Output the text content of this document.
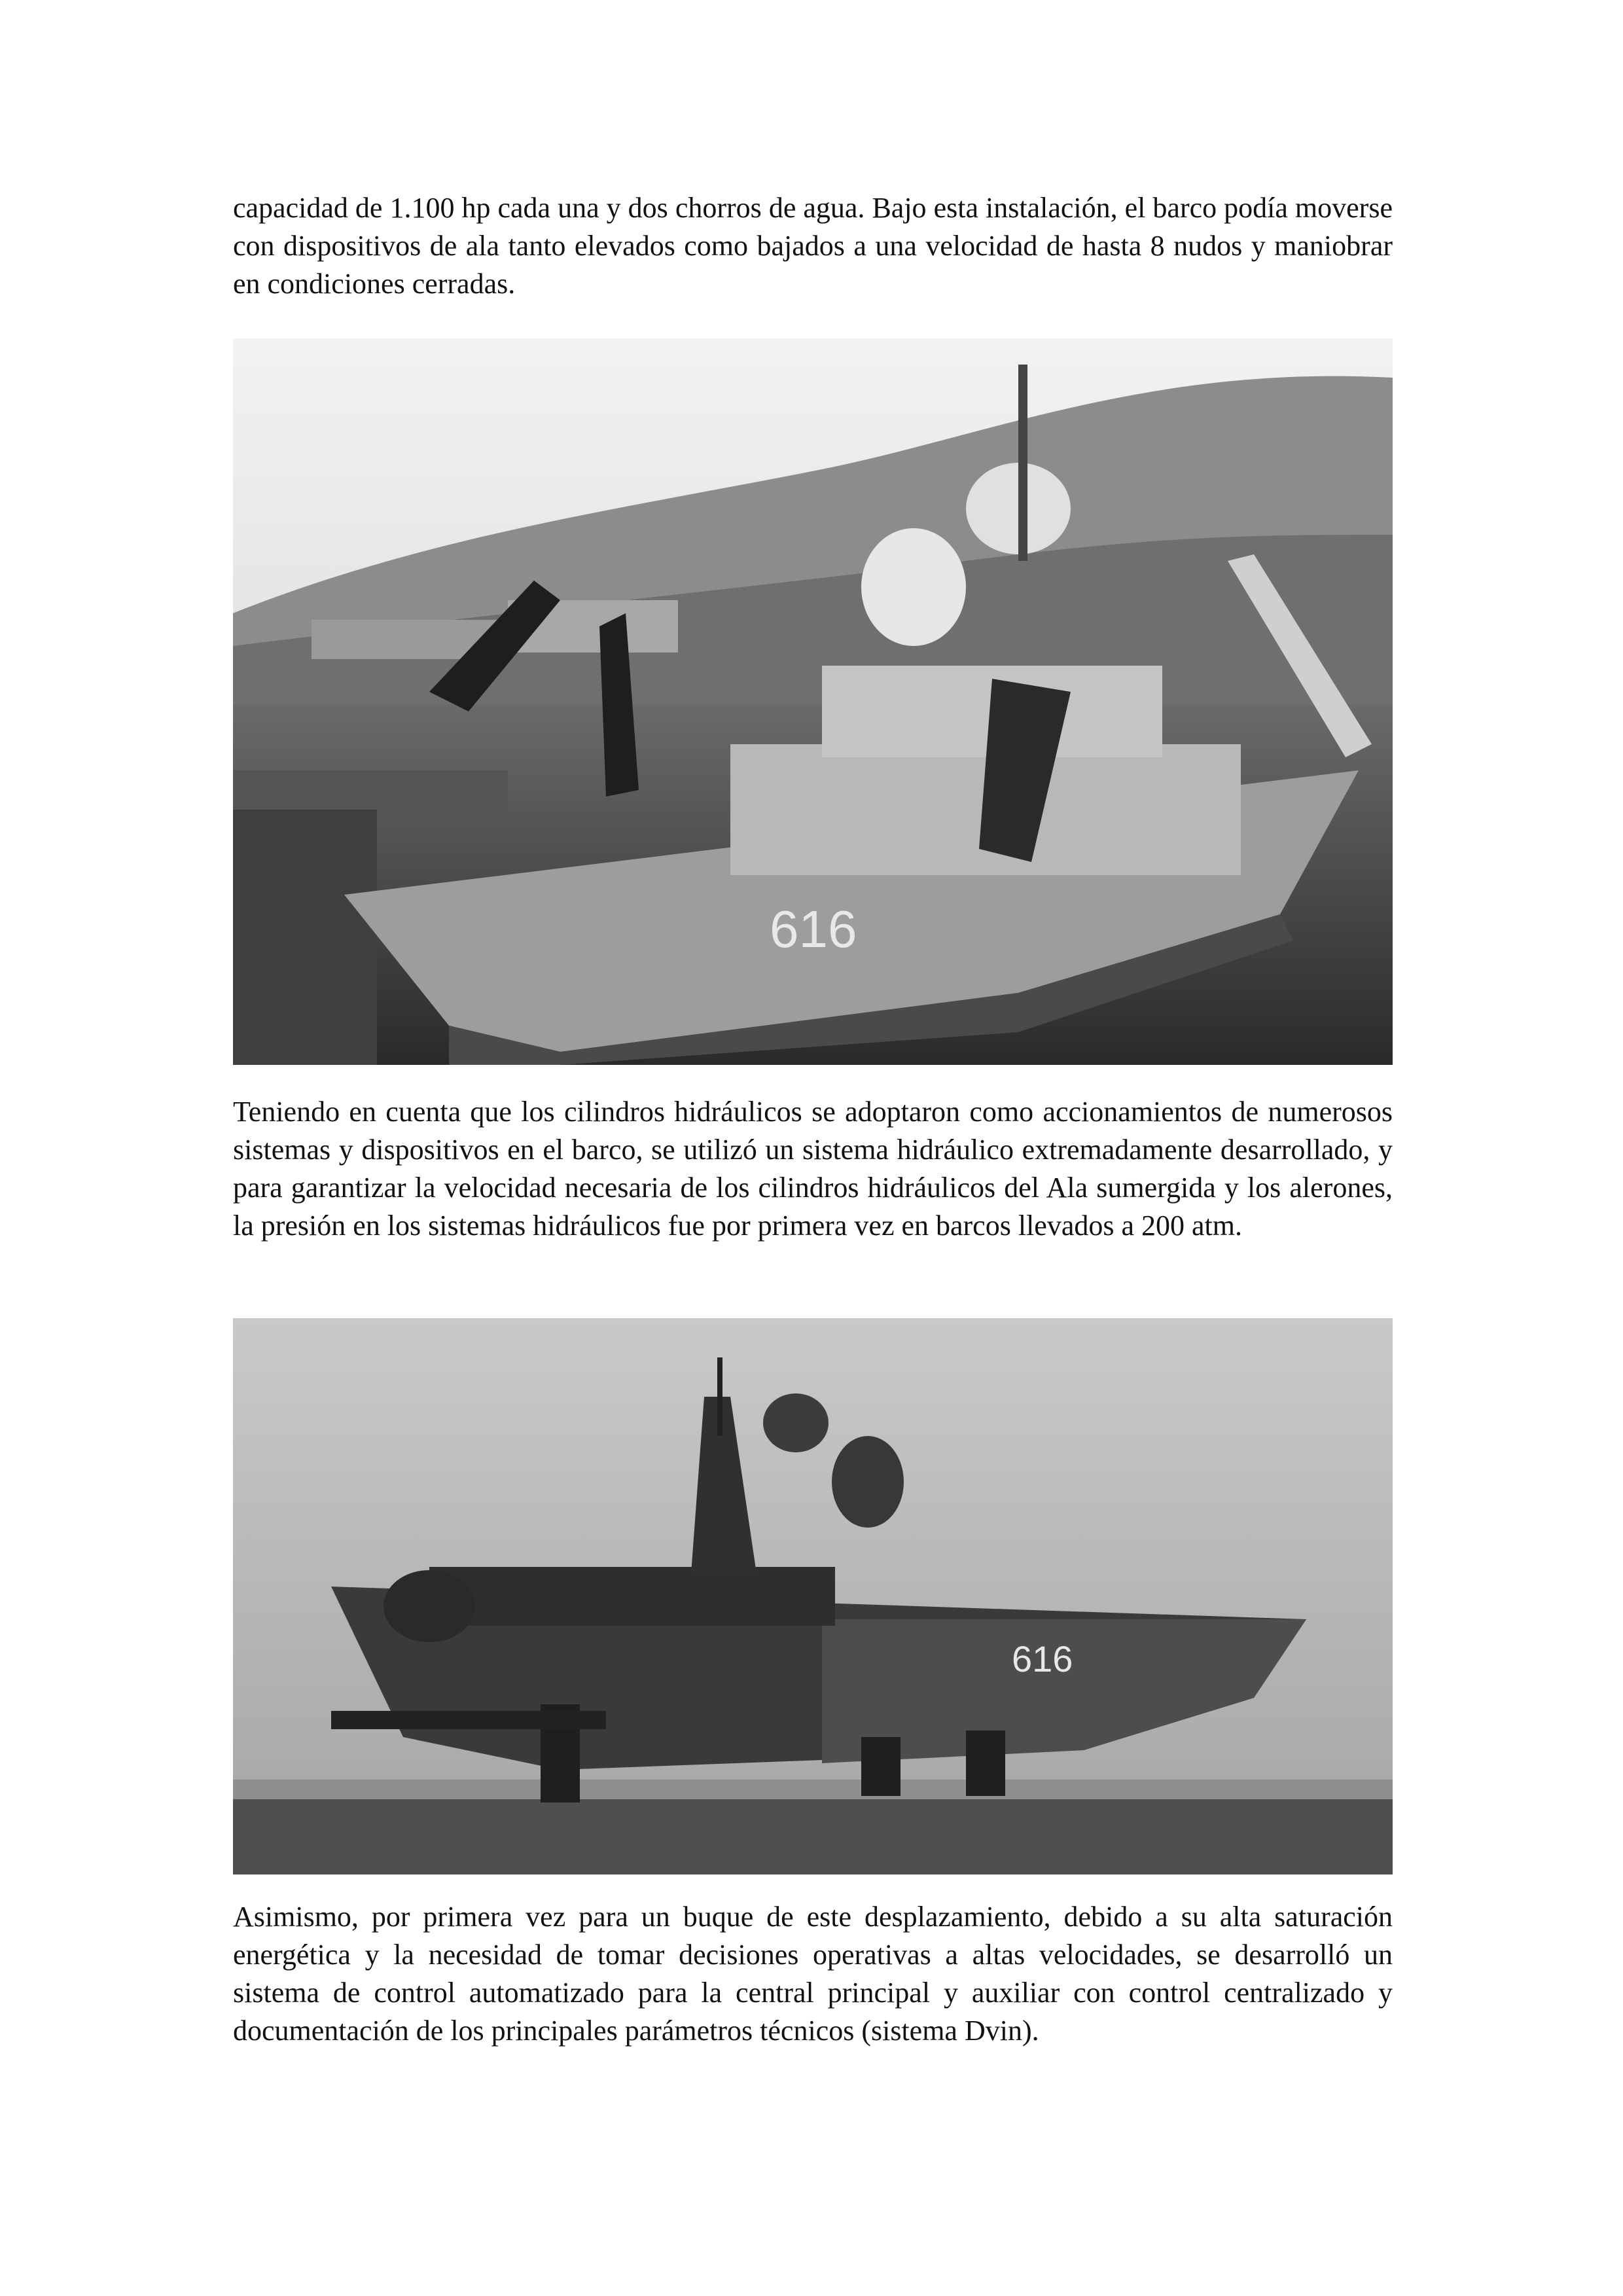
capacidad de 1.100 hp cada una y dos chorros de agua. Bajo esta instalación, el barco podía moverse con dispositivos de ala tanto elevados como bajados a una velocidad de hasta 8 nudos y maniobrar en condiciones cerradas.

616

Teniendo en cuenta que los cilindros hidráulicos se adoptaron como accionamientos de numerosos sistemas y dispositivos en el barco, se utilizó un sistema hidráulico extremadamente desarrollado, y para garantizar la velocidad necesaria de los cilindros hidráulicos del Ala sumergida y los alerones, la presión en los sistemas hidráulicos fue por primera vez en barcos llevados a 200 atm.

616

Asimismo, por primera vez para un buque de este desplazamiento, debido a su alta saturación energética y la necesidad de tomar decisiones operativas a altas velocidades, se desarrolló un sistema de control automatizado para la central principal y auxiliar con control centralizado y documentación de los principales parámetros técnicos (sistema Dvin).
